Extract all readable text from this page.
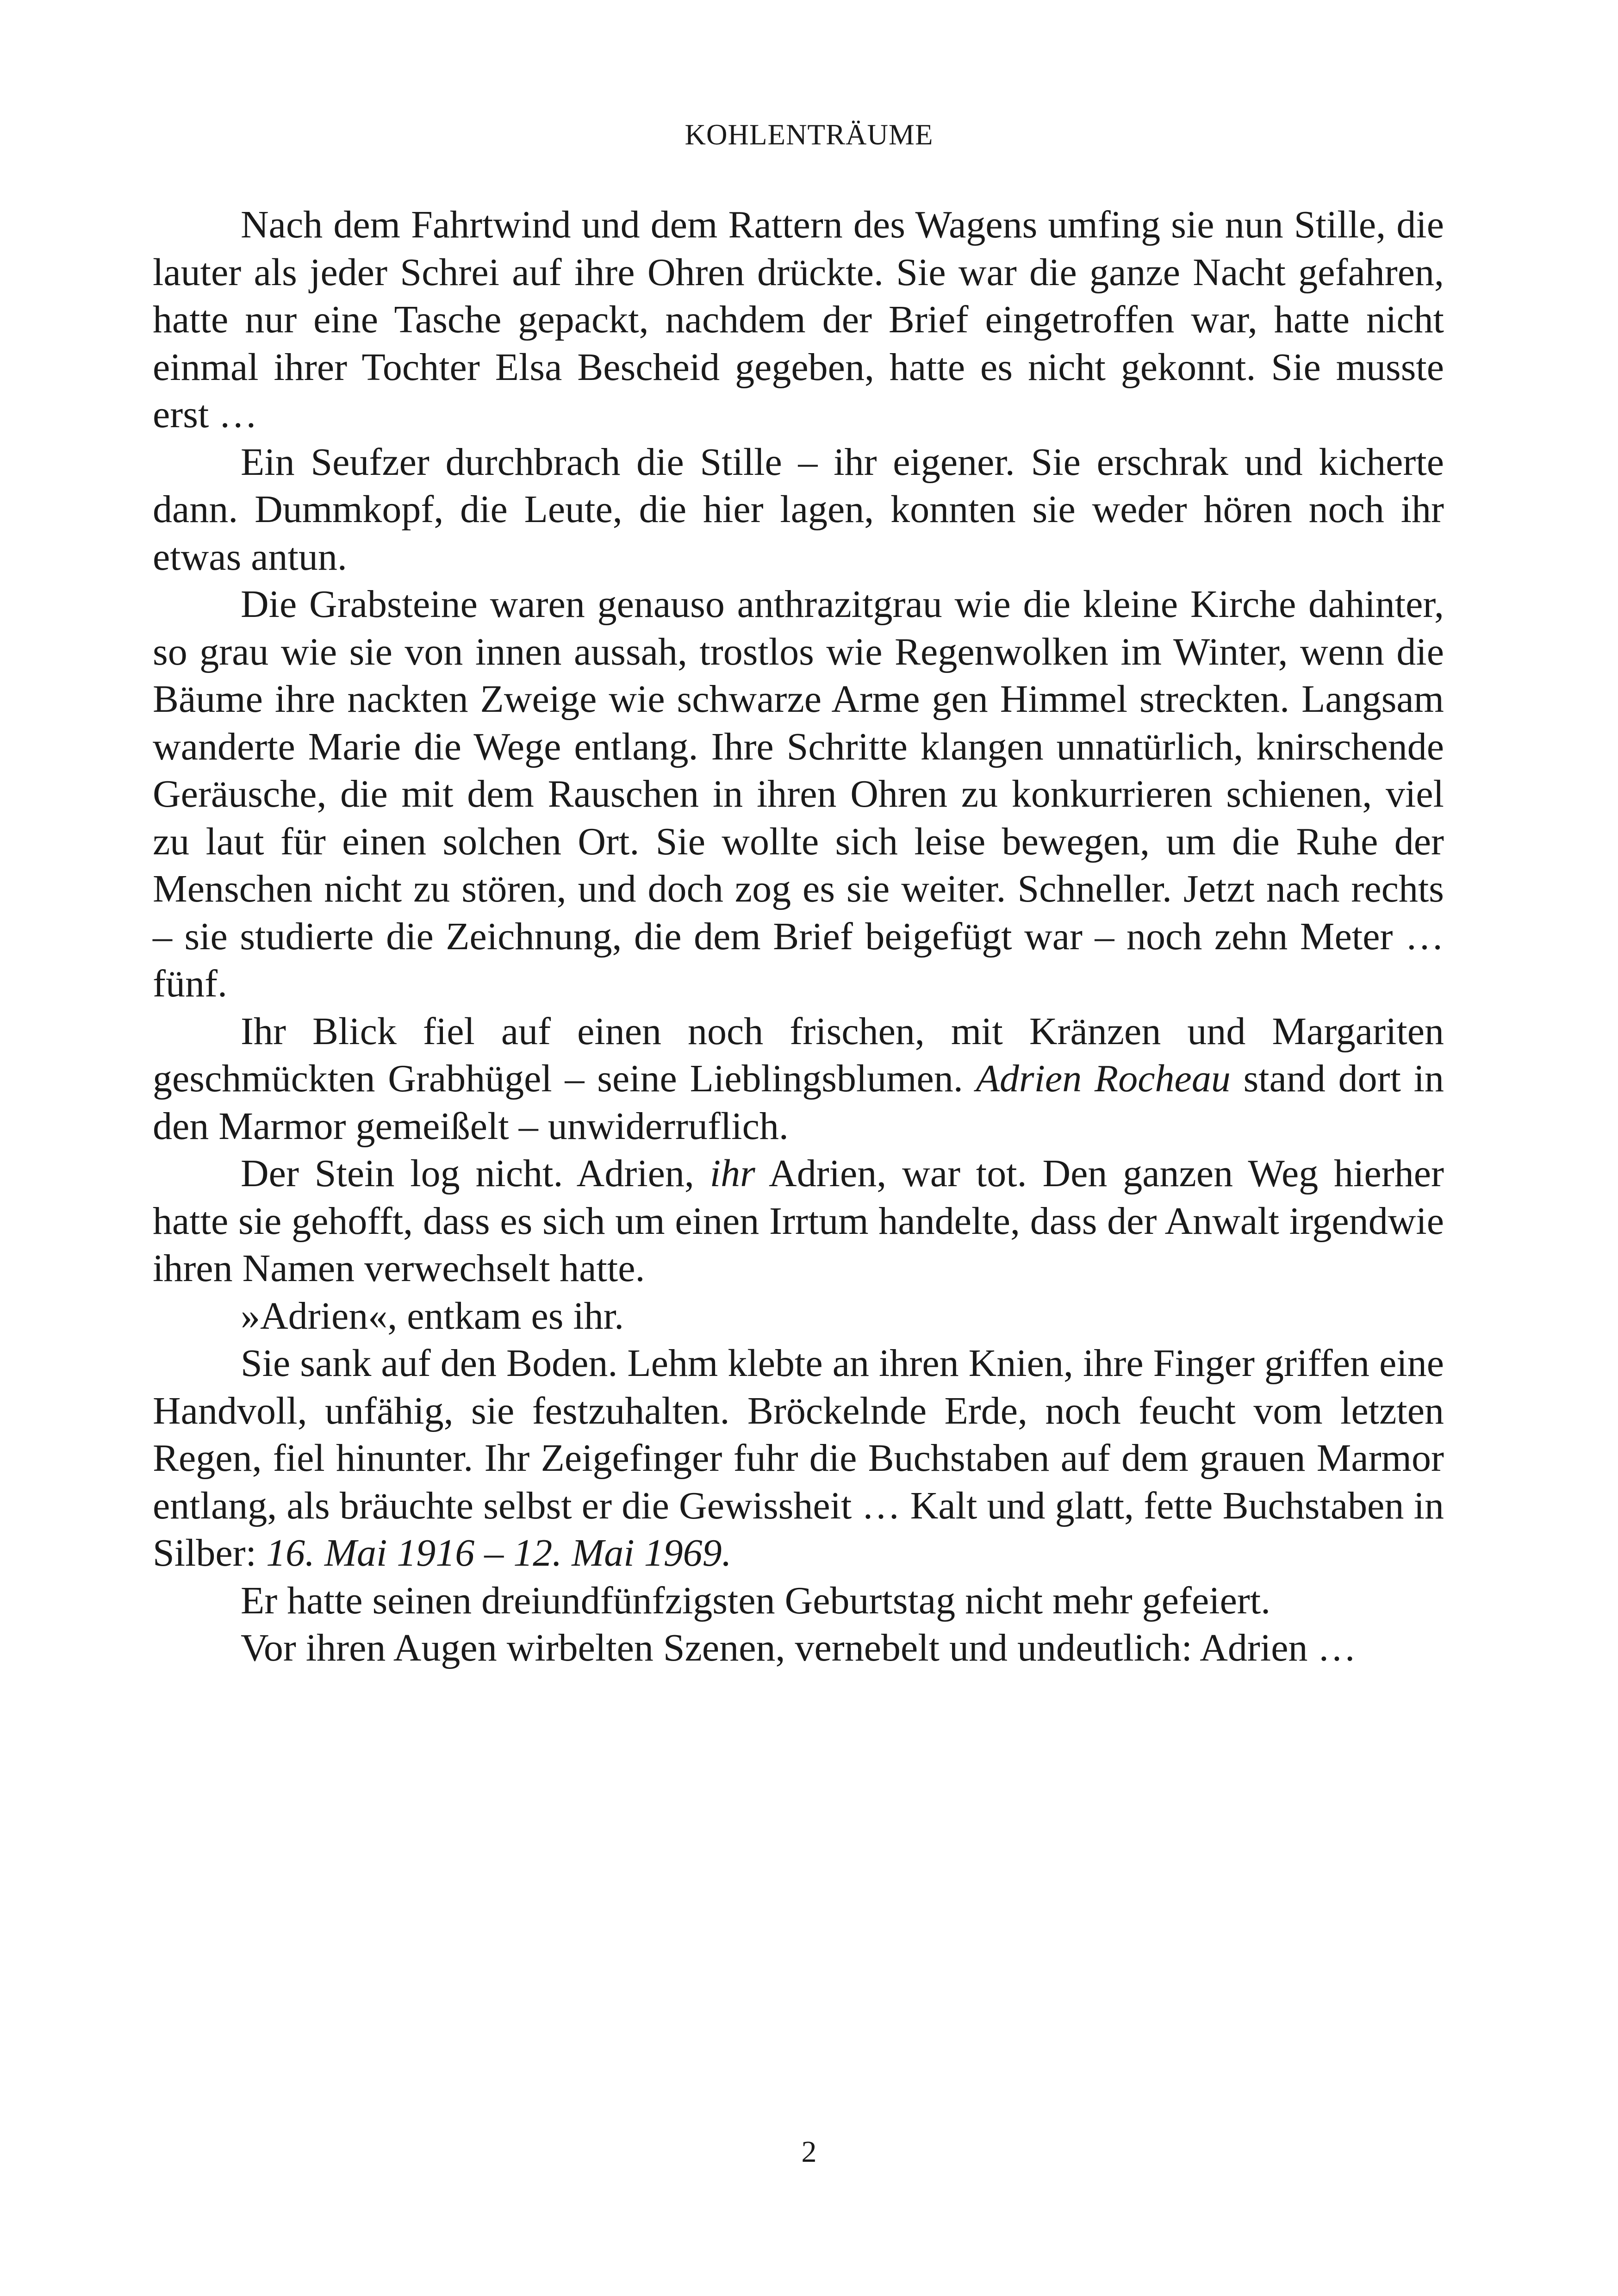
KOHLENTRÄUME

Nach dem Fahrtwind und dem Rattern des Wagens umfing sie nun Stille, die lauter als jeder Schrei auf ihre Ohren drückte. Sie war die ganze Nacht gefahren, hatte nur eine Tasche gepackt, nachdem der Brief eingetroffen war, hatte nicht einmal ihrer Tochter Elsa Bescheid gegeben, hatte es nicht gekonnt. Sie musste erst …

Ein Seufzer durchbrach die Stille – ihr eigener. Sie erschrak und kicherte dann. Dummkopf, die Leute, die hier lagen, konnten sie weder hören noch ihr etwas antun.

Die Grabsteine waren genauso anthrazitgrau wie die kleine Kirche dahinter, so grau wie sie von innen aussah, trostlos wie Regenwolken im Winter, wenn die Bäume ihre nackten Zweige wie schwarze Arme gen Himmel streckten. Langsam wanderte Marie die Wege entlang. Ihre Schritte klangen unnatürlich, knirschende Geräusche, die mit dem Rauschen in ihren Ohren zu konkurrieren schienen, viel zu laut für einen solchen Ort. Sie wollte sich leise bewegen, um die Ruhe der Menschen nicht zu stören, und doch zog es sie weiter. Schneller. Jetzt nach rechts – sie studierte die Zeichnung, die dem Brief beigefügt war – noch zehn Meter … fünf.

Ihr Blick fiel auf einen noch frischen, mit Kränzen und Margariten geschmückten Grabhügel – seine Lieblingsblumen. Adrien Rocheau stand dort in den Marmor gemeißelt – unwiderruflich.

Der Stein log nicht. Adrien, ihr Adrien, war tot. Den ganzen Weg hierher hatte sie gehofft, dass es sich um einen Irrtum handelte, dass der Anwalt irgendwie ihren Namen verwechselt hatte.

»Adrien«, entkam es ihr.

Sie sank auf den Boden. Lehm klebte an ihren Knien, ihre Finger griffen eine Handvoll, unfähig, sie festzuhalten. Bröckelnde Erde, noch feucht vom letzten Regen, fiel hinunter. Ihr Zeigefinger fuhr die Buchstaben auf dem grauen Marmor entlang, als bräuchte selbst er die Gewissheit … Kalt und glatt, fette Buchstaben in Silber: 16. Mai 1916 – 12. Mai 1969.

Er hatte seinen dreiundfünfzigsten Geburtstag nicht mehr gefeiert.

Vor ihren Augen wirbelten Szenen, vernebelt und undeutlich: Adrien …

2
